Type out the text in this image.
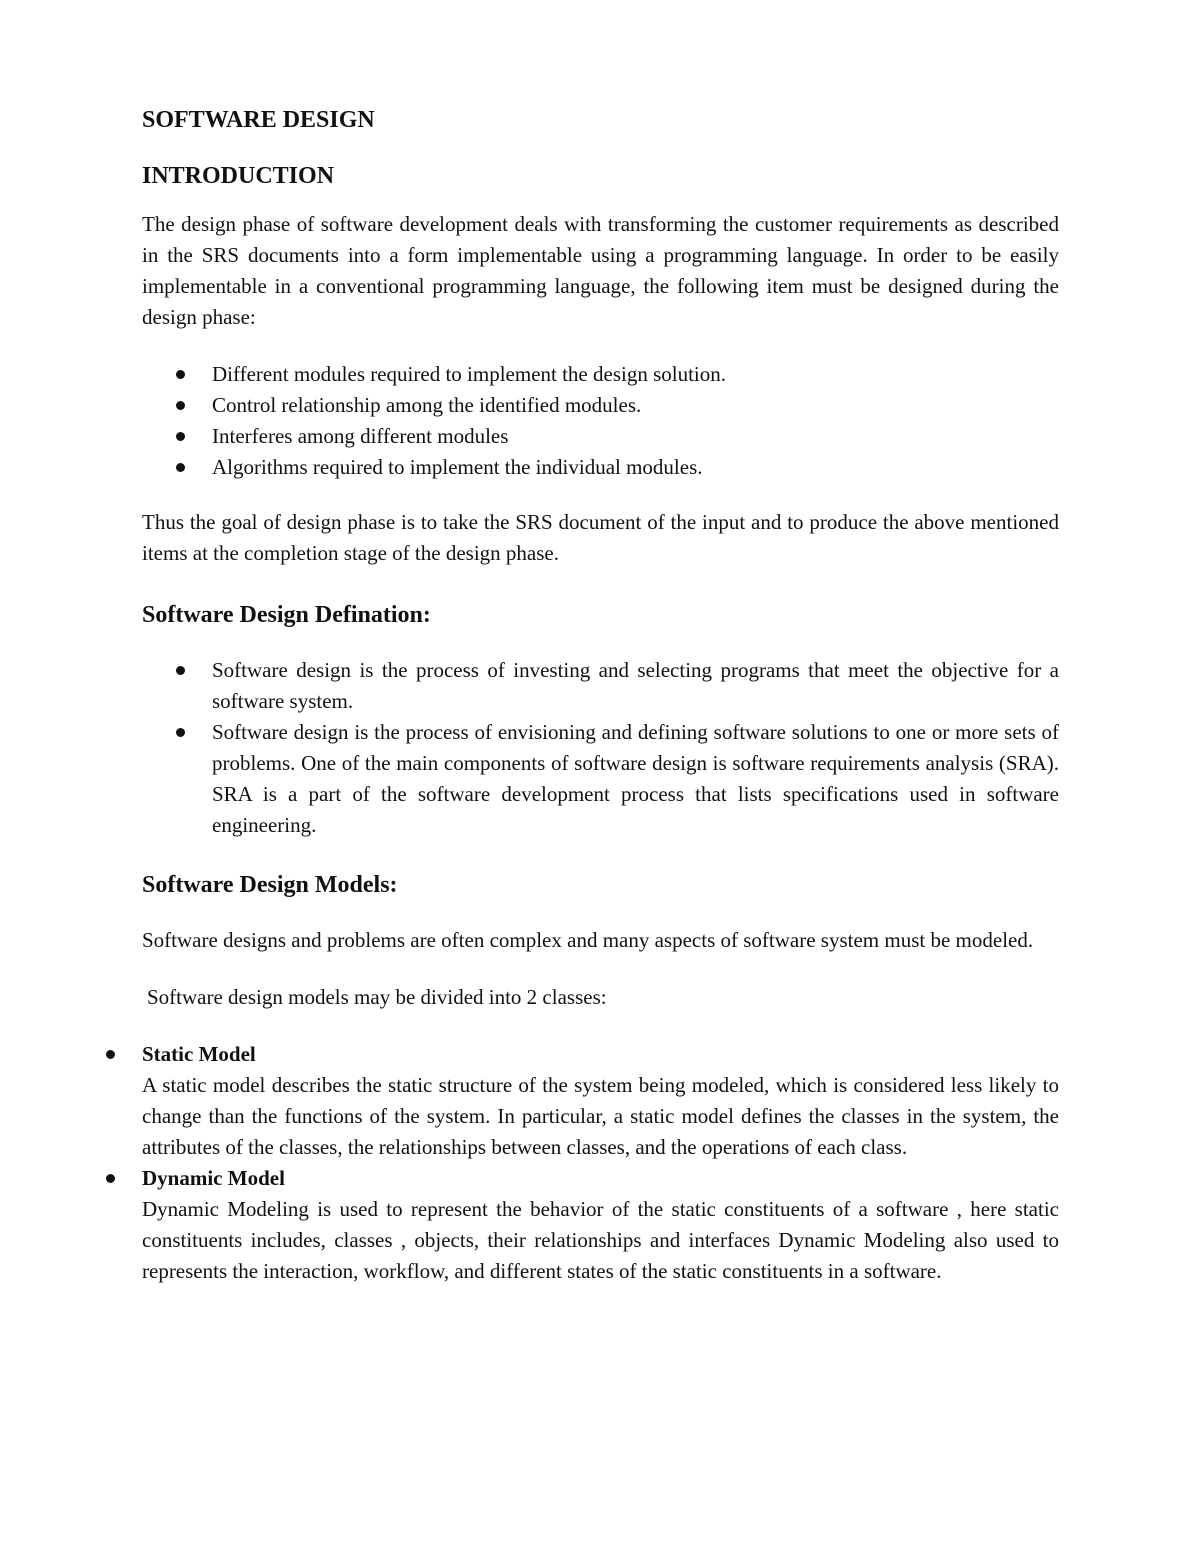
SOFTWARE DESIGN
INTRODUCTION

The design phase of software development deals with transforming the customer requirements as described in the SRS documents into a form implementable using a programming language. In order to be easily implementable in a conventional programming language, the following item must be designed during the design phase:

Different modules required to implement the design solution.
Control relationship among the identified modules.
Interferes among different modules
Algorithms required to implement the individual modules.

Thus the goal of design phase is to take the SRS document of the input and to produce the above mentioned items at the completion stage of the design phase.

Software Design Defination:
Software design is the process of investing and selecting programs that meet the objective for a software system.
Software design is the process of envisioning and defining software solutions to one or more sets of problems. One of the main components of software design is software requirements analysis (SRA). SRA is a part of the software development process that lists specifications used in software engineering.
Software Design Models:

Software designs and problems are often complex and many aspects of software system must be modeled.

Software design models may be divided into 2 classes:

Static Model
A static model describes the static structure of the system being modeled, which is considered less likely to change than the functions of the system. In particular, a static model defines the classes in the system, the attributes of the classes, the relationships between classes, and the operations of each class.
Dynamic Model
Dynamic Modeling is used to represent the behavior of the static constituents of a software , here static constituents includes, classes , objects, their relationships and interfaces Dynamic Modeling also used to represents the interaction, workflow, and different states of the static constituents in a software.
